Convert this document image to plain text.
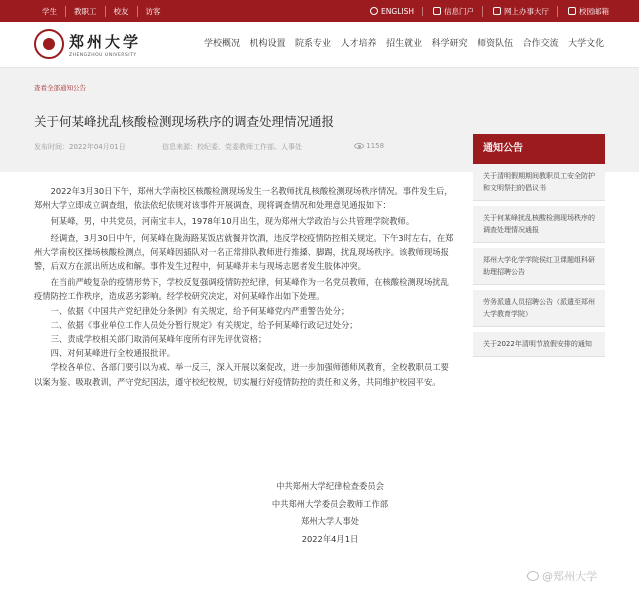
学生	教职工	校友	访客	ENGLISH	信息门户	网上办事大厅	校园邮箱
郑州大学
ZHENGZHOU UNIVERSITY
学校概况 机构设置 院系专业 人才培养 招生就业 科学研究 师资队伍 合作交流 大学文化
查看全部通知公告
关于何某峰扰乱核酸检测现场秩序的调查处理情况通报
发布时间：2022年04月01日	信息来源：校纪委、党委教师工作部、人事处	1158	通知公告
关于清明假期期间教职员工安全防护和文明祭扫的倡议书
关于何某峰扰乱核酸检测现场秩序的调查处理情况通报
郑州大学化学学院侯红卫课题组科研助理招聘公告
劳务派遣人员招聘公告（派遣至郑州大学教育学院）
关于2022年清明节放假安排的通知

2022年3月30日下午，郑州大学南校区核酸检测现场发生一名教师扰乱核酸检测现场秩序情况。事件发生后，郑州大学立即成立调查组，依法依纪依规对该事件开展调查，现将调查情况和处理意见通报如下：

何某峰，男，中共党员，河南宝丰人，1978年10月出生，现为郑州大学政治与公共管理学院教师。

经调查，3月30日中午，何某峰在陇海路某饭店就餐并饮酒，违反学校疫情防控相关规定。下午3时左右，在郑州大学南校区操场核酸检测点，何某峰因插队对一名正常排队教师进行推搡、脚踢，扰乱现场秩序。该教师现场报警，后双方在派出所达成和解。事件发生过程中，何某峰并未与现场志愿者发生肢体冲突。

在当前严峻复杂的疫情形势下，学校反复强调疫情防控纪律，何某峰作为一名党员教师，在核酸检测现场扰乱疫情防控工作秩序，造成恶劣影响。经学校研究决定，对何某峰作出如下处理。

一、依据《中国共产党纪律处分条例》有关规定，给予何某峰党内严重警告处分；

二、依据《事业单位工作人员处分暂行规定》有关规定，给予何某峰行政记过处分；

三、责成学校相关部门取消何某峰年度所有评先评优资格；

四、对何某峰进行全校通报批评。

学校各单位、各部门要引以为戒、举一反三，深入开展以案促改，进一步加强师德师风教育，全校教职员工要以案为鉴、吸取教训，严守党纪国法，遵守校纪校规，切实履行好疫情防控的责任和义务，共同维护校园平安。

中共郑州大学纪律检查委员会
中共郑州大学委员会教师工作部
郑州大学人事处
2022年4月1日
@郑州大学
